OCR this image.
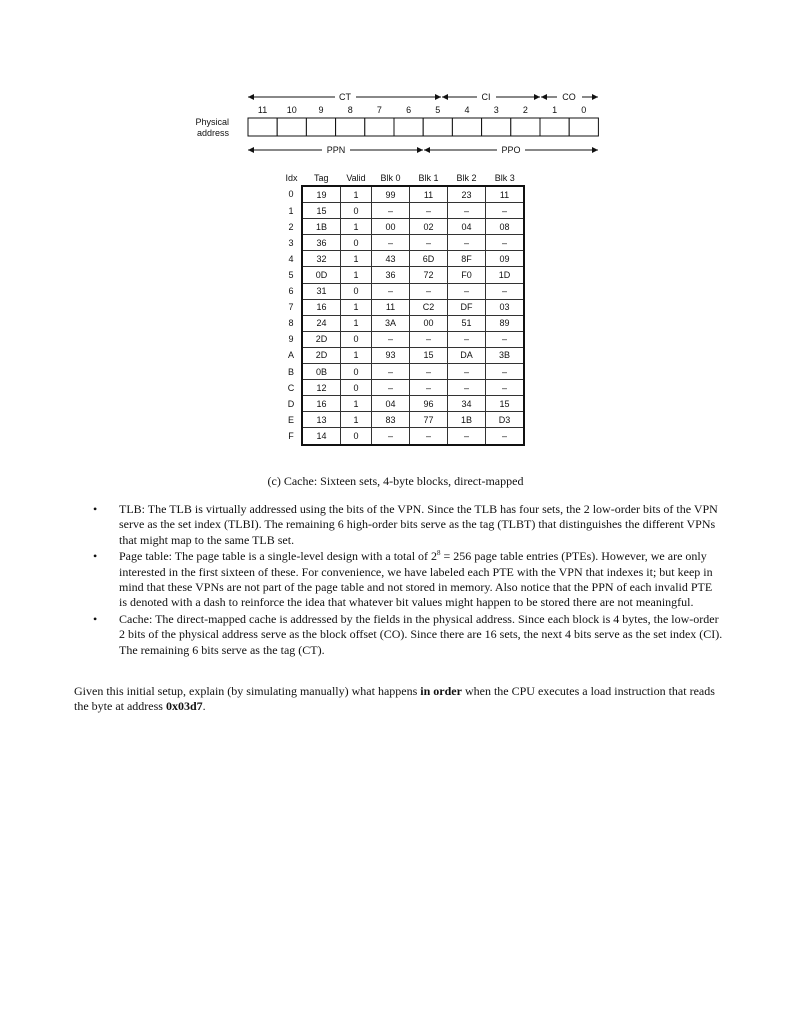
CT	CI	CO
11 10 9	8	7	6	5	4	3	2	1	0
Physical
address
PPN	PPO
Idx	Tag	Valid	Blk 0	Blk 1	Blk 2	Blk 3
0	19	1	99	11	23	11
1	15	0	–	–	–	–
2	1B	1	00	02	04	08
3	36	0	–	–	–	–
4	32	1	43	6D	8F	09
5	0D	1	36	72	F0	1D
6	31	0	–	–	–	–
7	16	1	11	C2	DF	03
8	24	1	3A	00	51	89
9	2D	0	–	–	–	–
A	2D	1	93	15	DA	3B
B	0B	0	–	–	–	–
C	12	0	–	–	–	–
D	16	1	04	96	34	15
E	13	1	83	77	1B	D3
F	14	0	–	–	–	–
(c) Cache: Sixteen sets, 4-byte blocks, direct-mapped
• TLB: The TLB is virtually addressed using the bits of the VPN. Since the TLB has four sets, the 2 low-order bits of the VPN serve as the set index (TLBI). The remaining 6 high-order bits serve as the tag (TLBT) that distinguishes the different VPNs that might map to the same TLB set.
• Page table: The page table is a single-level design with a total of $2^8 = 256$ page table entries (PTEs). However, we are only interested in the first sixteen of these. For convenience, we have labeled each PTE with the VPN that indexes it; but keep in mind that these VPNs are not part of the page table and not stored in memory. Also notice that the PPN of each invalid PTE is denoted with a dash to reinforce the idea that whatever bit values might happen to be stored there are not meaningful.
• Cache: The direct-mapped cache is addressed by the fields in the physical address. Since each block is 4 bytes, the low-order 2 bits of the physical address serve as the block offset (CO). Since there are 16 sets, the next 4 bits serve as the set index (CI). The remaining 6 bits serve as the tag (CT).

Given this initial setup, explain (by simulating manually) what happens in order when the CPU executes a load instruction that reads the byte at address 0x03d7.
